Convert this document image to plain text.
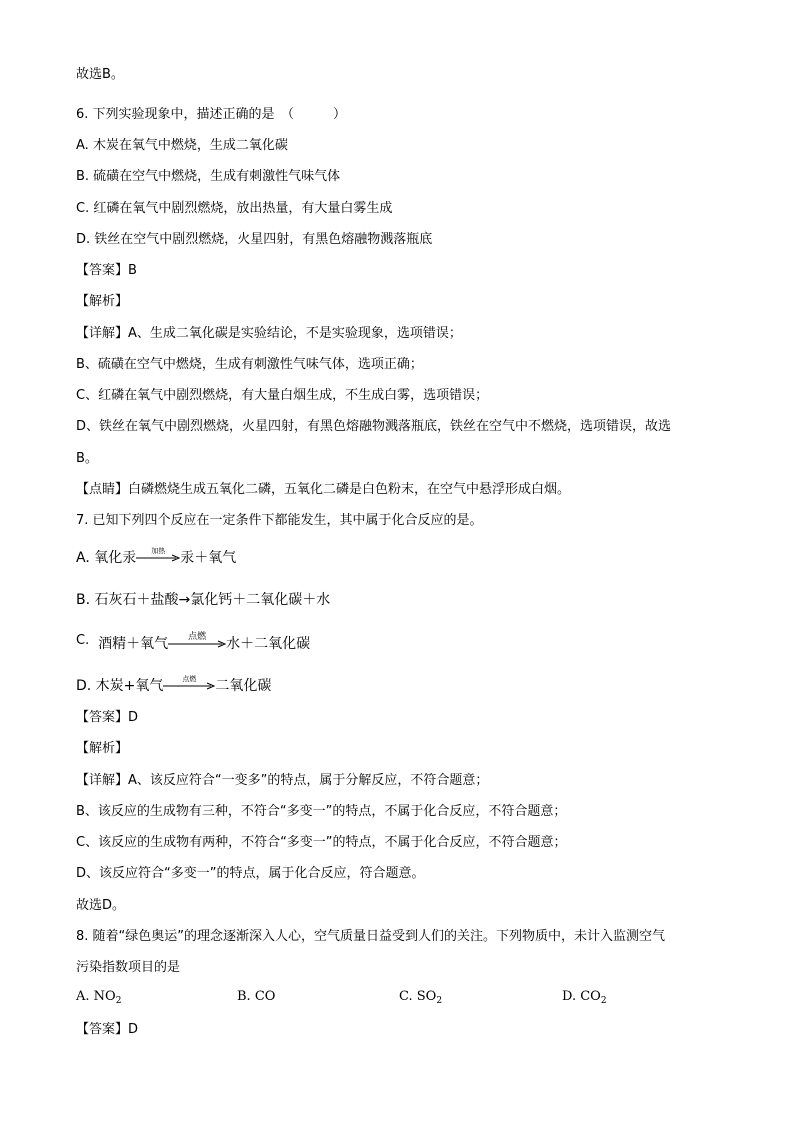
故选B。
6. 下列实验现象中，描述正确的是　（　　　）
A. 木炭在氧气中燃烧，生成二氧化碳
B. 硫磺在空气中燃烧，生成有刺激性气味气体
C. 红磷在氧气中剧烈燃烧，放出热量，有大量白雾生成
D. 铁丝在空气中剧烈燃烧，火星四射，有黑色熔融物溅落瓶底
【答案】B
【解析】
【详解】A、生成二氧化碳是实验结论，不是实验现象，选项错误；
B、硫磺在空气中燃烧，生成有刺激性气味气体，选项正确；
C、红磷在氧气中剧烈燃烧，有大量白烟生成，不生成白雾，选项错误；
D、铁丝在氧气中剧烈燃烧，火星四射，有黑色熔融物溅落瓶底，铁丝在空气中不燃烧，选项错误，故选
B。
【点睛】白磷燃烧生成五氧化二磷，五氧化二磷是白色粉末，在空气中悬浮形成白烟。
7. 已知下列四个反应在一定条件下都能发生，其中属于化合反应的是。
A. 氧化汞	加热	汞＋氧气
B. 石灰石＋盐酸→氯化钙＋二氧化碳＋水
C. 酒精＋氧气	点燃	水＋二氧化碳
D. 木炭+氧气	点燃	二氧化碳
【答案】D
【解析】
【详解】A、该反应符合“一变多”的特点，属于分解反应，不符合题意；
B、该反应的生成物有三种，不符合“多变一”的特点，不属于化合反应，不符合题意；
C、该反应的生成物有两种，不符合“多变一”的特点，不属于化合反应，不符合题意；
D、该反应符合“多变一”的特点，属于化合反应，符合题意。
故选D。
8. 随着“绿色奥运”的理念逐渐深入人心，空气质量日益受到人们的关注。下列物质中，未计入监测空气
污染指数项目的是
A. $NO_2$	B. CO	C. $SO_2$	D. $CO_2$
【答案】D
